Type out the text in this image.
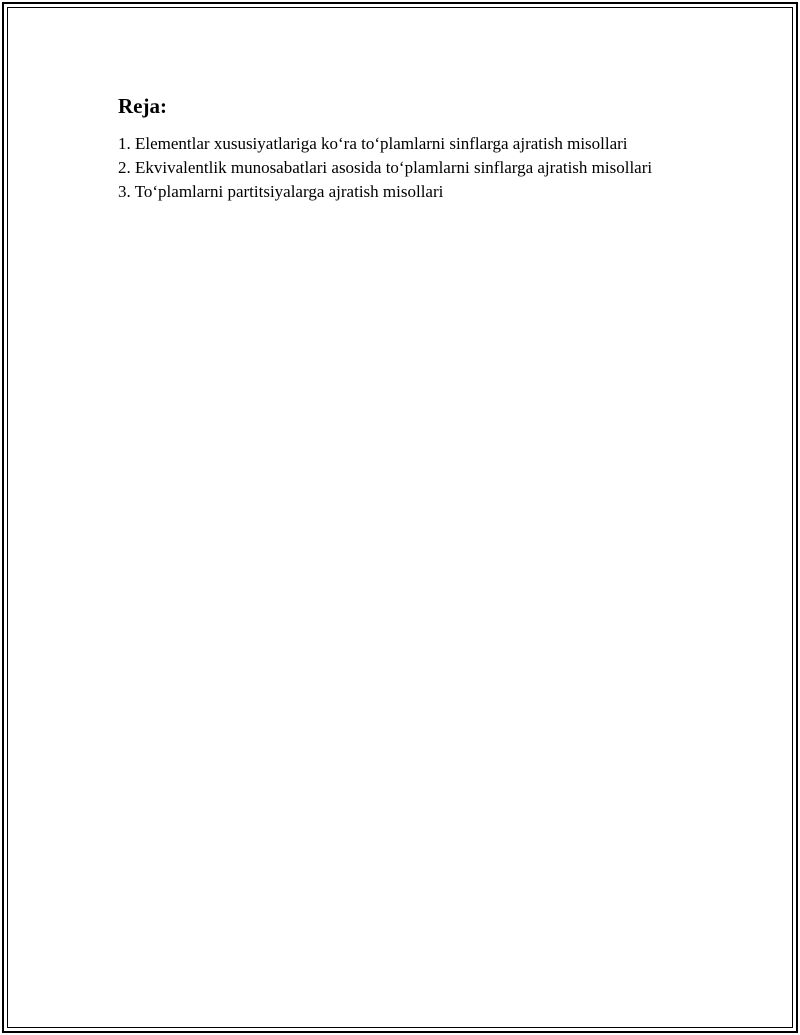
Reja:
1. Elementlar xususiyatlariga ko‘ra to‘plamlarni sinflarga ajratish misollari
2. Ekvivalentlik munosabatlari asosida to‘plamlarni sinflarga ajratish misollari
3. To‘plamlarni partitsiyalarga ajratish misollari
